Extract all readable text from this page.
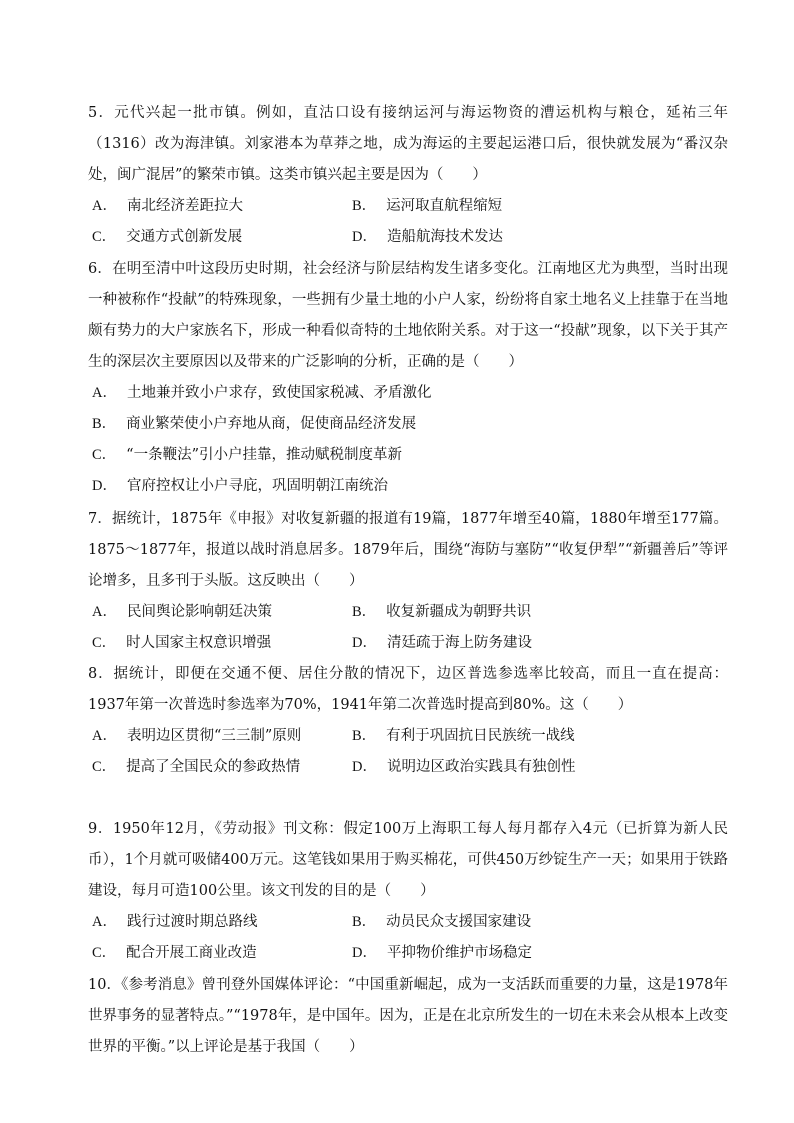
5．元代兴起一批市镇。例如，直沽口设有接纳运河与海运物资的漕运机构与粮仓，延祐三年（1316）改为海津镇。刘家港本为草莽之地，成为海运的主要起运港口后，很快就发展为“番汉杂处，闽广混居”的繁荣市镇。这类市镇兴起主要是因为（　　）

A． 南北经济差距拉大	B． 运河取直航程缩短
C． 交通方式创新发展	D． 造船航海技术发达

6．在明至清中叶这段历史时期，社会经济与阶层结构发生诸多变化。江南地区尤为典型，当时出现一种被称作“投献”的特殊现象，一些拥有少量土地的小户人家，纷纷将自家土地名义上挂靠于在当地颇有势力的大户家族名下，形成一种看似奇特的土地依附关系。对于这一“投献”现象，以下关于其产生的深层次主要原因以及带来的广泛影响的分析，正确的是（　　）

A． 土地兼并致小户求存，致使国家税减、矛盾激化
B． 商业繁荣使小户弃地从商，促使商品经济发展
C． “一条鞭法”引小户挂靠，推动赋税制度革新
D． 官府控权让小户寻庇，巩固明朝江南统治

7．据统计，1875年《申报》对收复新疆的报道有19篇，1877年增至40篇，1880年增至177篇。1875～1877年，报道以战时消息居多。1879年后，围绕“海防与塞防”“收复伊犁”“新疆善后”等评论增多，且多刊于头版。这反映出（　　）

A． 民间舆论影响朝廷决策	B． 收复新疆成为朝野共识
C． 时人国家主权意识增强	D． 清廷疏于海上防务建设

8．据统计，即便在交通不便、居住分散的情况下，边区普选参选率比较高，而且一直在提高：1937年第一次普选时参选率为70%，1941年第二次普选时提高到80%。这（　　）

A． 表明边区贯彻“三三制”原则	B． 有利于巩固抗日民族统一战线
C． 提高了全国民众的参政热情	D． 说明边区政治实践具有独创性

9．1950年12月，《劳动报》刊文称：假定100万上海职工每人每月都存入4元（已折算为新人民币），1个月就可吸储400万元。这笔钱如果用于购买棉花，可供450万纱锭生产一天；如果用于铁路建设，每月可造100公里。该文刊发的目的是（　　）

A． 践行过渡时期总路线	B． 动员民众支援国家建设
C． 配合开展工商业改造	D． 平抑物价维护市场稳定

10．《参考消息》曾刊登外国媒体评论：“中国重新崛起，成为一支活跃而重要的力量，这是1978年世界事务的显著特点。”“1978年，是中国年。因为，正是在北京所发生的一切在未来会从根本上改变世界的平衡。”以上评论是基于我国（　　）
